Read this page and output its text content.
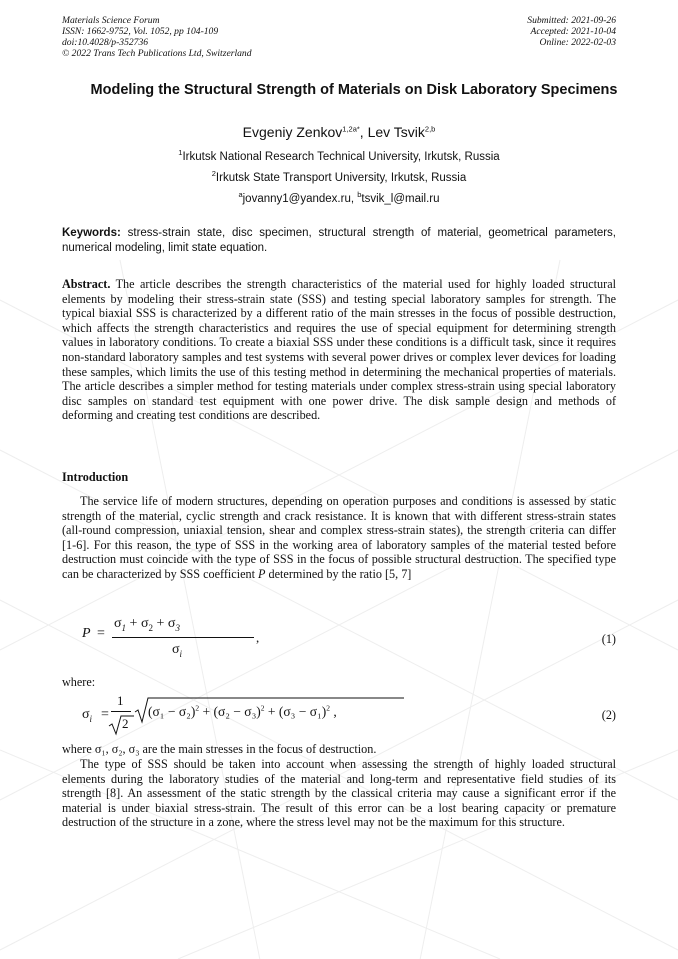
Materials Science Forum
ISSN: 1662-9752, Vol. 1052, pp 104-109
doi:10.4028/p-352736
© 2022 Trans Tech Publications Ltd, Switzerland
Submitted: 2021-09-26
Accepted: 2021-10-04
Online: 2022-02-03
Modeling the Structural Strength of Materials on Disk Laboratory Specimens
Evgeniy Zenkov$^{1,2a*}$, Lev Tsvik$^{2,b}$
$^1$Irkutsk National Research Technical University, Irkutsk, Russia
$^2$Irkutsk State Transport University, Irkutsk, Russia
$^a$jovanny1@yandex.ru, $^b$tsvik_l@mail.ru
Keywords: stress-strain state, disc specimen, structural strength of material, geometrical parameters, numerical modeling, limit state equation.
Abstract. The article describes the strength characteristics of the material used for highly loaded structural elements by modeling their stress-strain state (SSS) and testing special laboratory samples for strength. The typical biaxial SSS is characterized by a different ratio of the main stresses in the focus of possible destruction, which affects the strength characteristics and requires the use of special equipment for determining strength values in laboratory conditions. To create a biaxial SSS under these conditions is a difficult task, since it requires non-standard laboratory samples and test systems with several power drives or complex lever devices for loading these samples, which limits the use of this testing method in determining the mechanical properties of materials. The article describes a simpler method for testing materials under complex stress-strain using special laboratory disc samples on standard test equipment with one power drive. The disk sample design and methods of deforming and creating test conditions are described.
Introduction
The service life of modern structures, depending on operation purposes and conditions is assessed by static strength of the material, cyclic strength and crack resistance. It is known that with different stress-strain states (all-round compression, uniaxial tension, shear and complex stress-strain states), the strength criteria can differ [1-6]. For this reason, the type of SSS in the working area of laboratory samples of the material tested before destruction must coincide with the type of SSS in the focus of possible structural destruction. The specified type can be characterized by SSS coefficient P determined by the ratio [5, 7]
P =
$\sigma_1 + \sigma_2 + \sigma_3$
$\sigma_i$
,	(1)
where:
$\sigma_i$ =
1
2
$(\sigma_1 - \sigma_2)^2 + (\sigma_2 - \sigma_3)^2 + (\sigma_3 - \sigma_1)^2$ ,	(2)
where σ₁, σ₂, σ₃ are the main stresses in the focus of destruction.
The type of SSS should be taken into account when assessing the strength of highly loaded structural elements during the laboratory studies of the material and long-term and representative field studies of its strength [8]. An assessment of the static strength by the classical criteria may cause a significant error if the material is under biaxial stress-strain. The result of this error can be a lost bearing capacity or premature destruction of the structure in a zone, where the stress level may not be the maximum for this structure.
